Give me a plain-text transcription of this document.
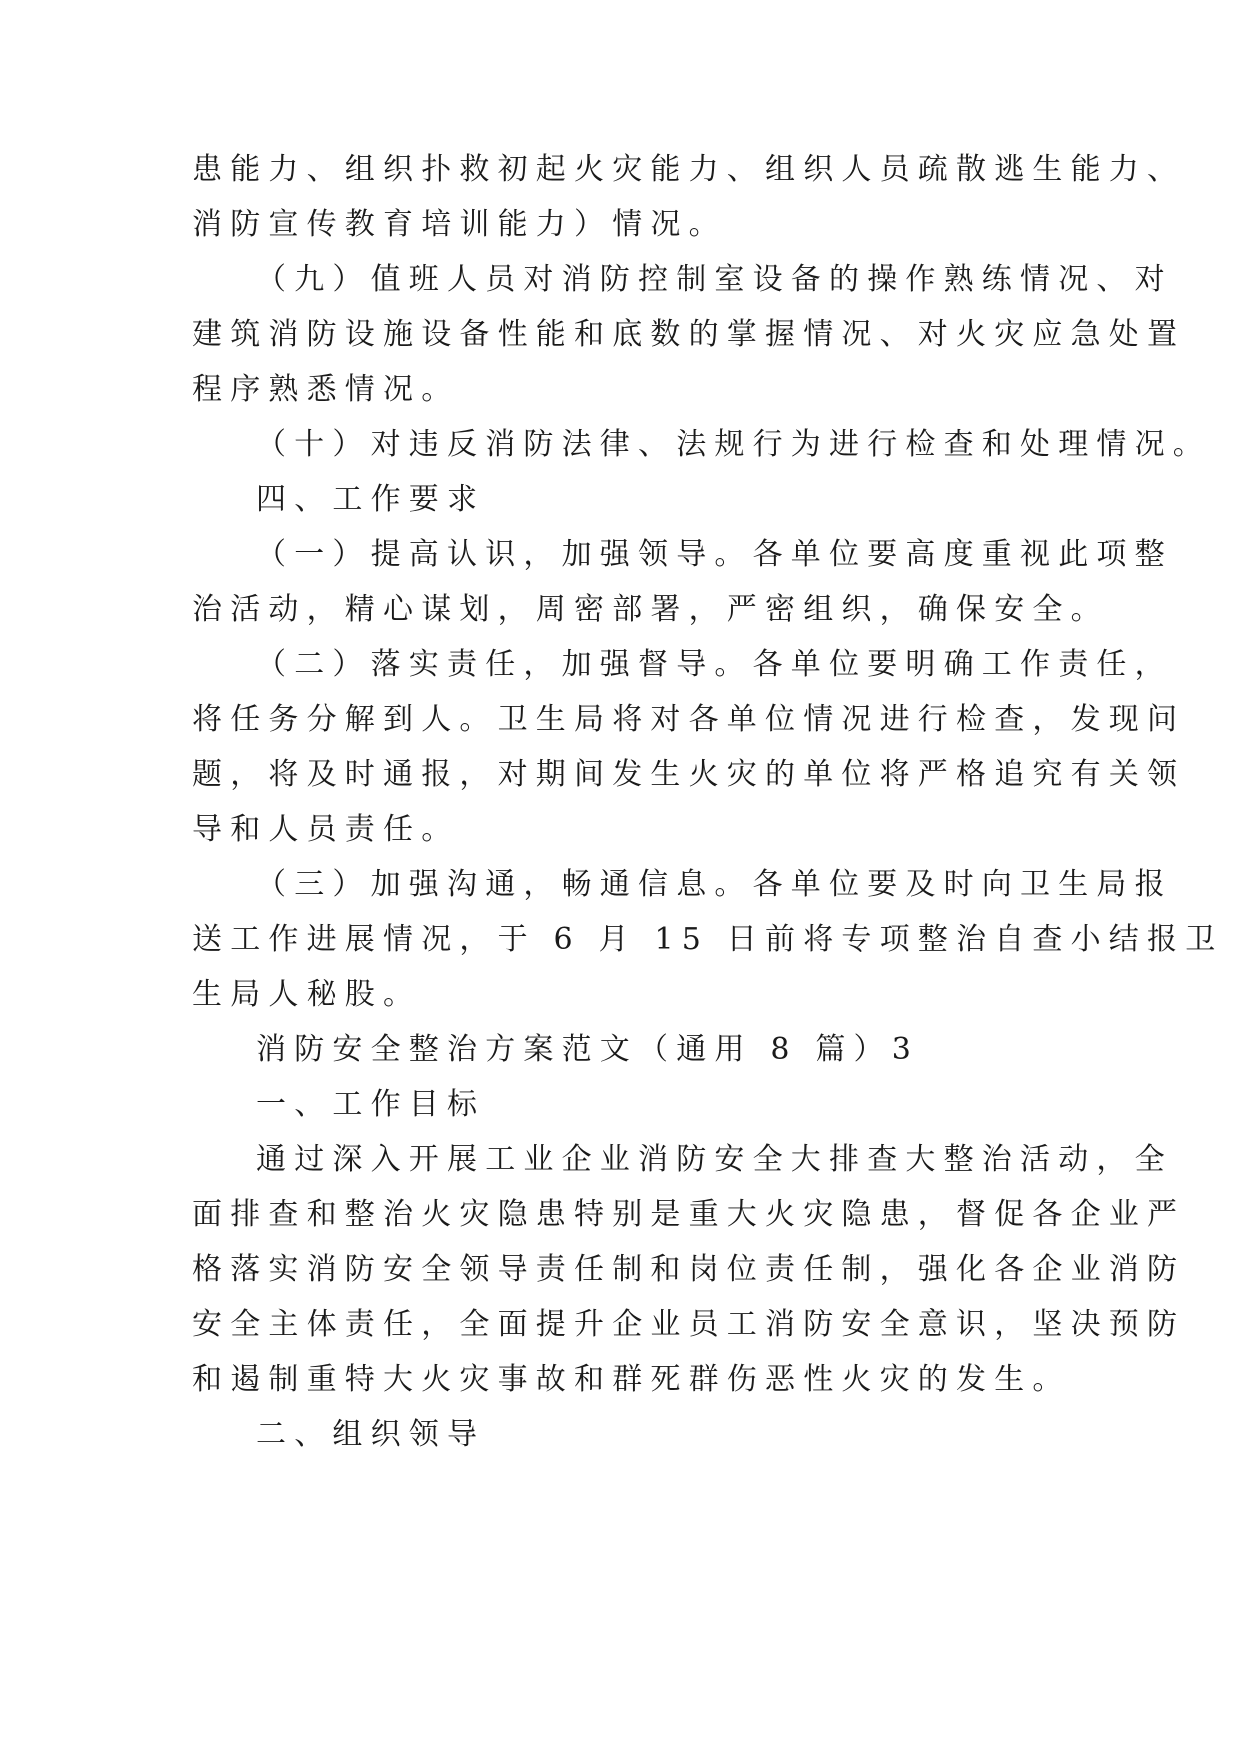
患能力、组织扑救初起火灾能力、组织人员疏散逃生能力、
消防宣传教育培训能力）情况。
（九）值班人员对消防控制室设备的操作熟练情况、对
建筑消防设施设备性能和底数的掌握情况、对火灾应急处置
程序熟悉情况。
（十）对违反消防法律、法规行为进行检查和处理情况。
四、工作要求
（一）提高认识，加强领导。各单位要高度重视此项整
治活动，精心谋划，周密部署，严密组织，确保安全。
（二）落实责任，加强督导。各单位要明确工作责任，
将任务分解到人。卫生局将对各单位情况进行检查，发现问
题，将及时通报，对期间发生火灾的单位将严格追究有关领
导和人员责任。
（三）加强沟通，畅通信息。各单位要及时向卫生局报
送工作进展情况，于 6 月 15 日前将专项整治自查小结报卫
生局人秘股。
消防安全整治方案范文（通用 8 篇）3
一、工作目标
通过深入开展工业企业消防安全大排查大整治活动，全
面排查和整治火灾隐患特别是重大火灾隐患，督促各企业严
格落实消防安全领导责任制和岗位责任制，强化各企业消防
安全主体责任，全面提升企业员工消防安全意识，坚决预防
和遏制重特大火灾事故和群死群伤恶性火灾的发生。
二、组织领导
